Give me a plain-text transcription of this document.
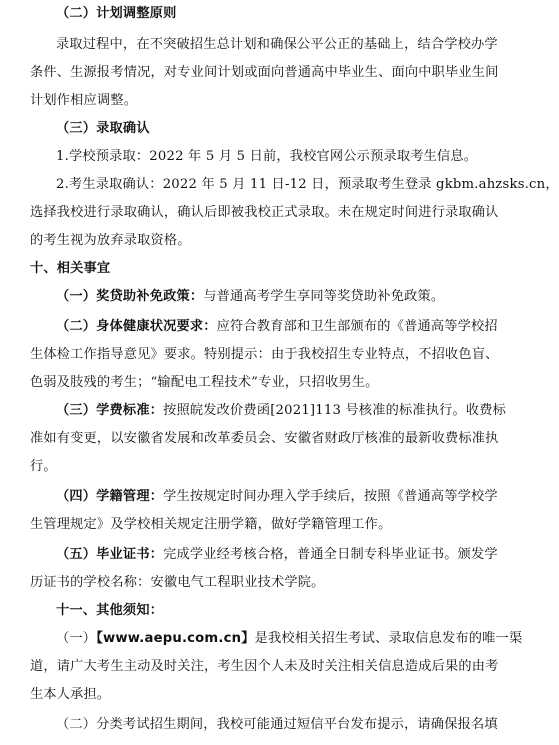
（二）计划调整原则
录取过程中，在不突破招生总计划和确保公平公正的基础上，结合学校办学
条件、生源报考情况，对专业间计划或面向普通高中毕业生、面向中职毕业生间
计划作相应调整。
（三）录取确认
1.学校预录取：2022 年 5 月 5 日前，我校官网公示预录取考生信息。
2.考生录取确认：2022 年 5 月 11 日-12 日，预录取考生登录 gkbm.ahzsks.cn，
选择我校进行录取确认，确认后即被我校正式录取。未在规定时间进行录取确认
的考生视为放弃录取资格。
十、相关事宜
（一）奖贷助补免政策：与普通高考学生享同等奖贷助补免政策。
（二）身体健康状况要求：应符合教育部和卫生部颁布的《普通高等学校招
生体检工作指导意见》要求。特别提示：由于我校招生专业特点，不招收色盲、
色弱及肢残的考生；“输配电工程技术”专业，只招收男生。
（三）学费标准：按照皖发改价费函[2021]113 号核准的标准执行。收费标
准如有变更，以安徽省发展和改革委员会、安徽省财政厅核准的最新收费标准执
行。
（四）学籍管理：学生按规定时间办理入学手续后，按照《普通高等学校学
生管理规定》及学校相关规定注册学籍，做好学籍管理工作。
（五）毕业证书：完成学业经考核合格，普通全日制专科毕业证书。颁发学
历证书的学校名称：安徽电气工程职业技术学院。
十一、其他须知：
（一）【www.aepu.com.cn】是我校相关招生考试、录取信息发布的唯一渠
道，请广大考生主动及时关注，考生因个人未及时关注相关信息造成后果的由考
生本人承担。
（二）分类考试招生期间，我校可能通过短信平台发布提示，请确保报名填
